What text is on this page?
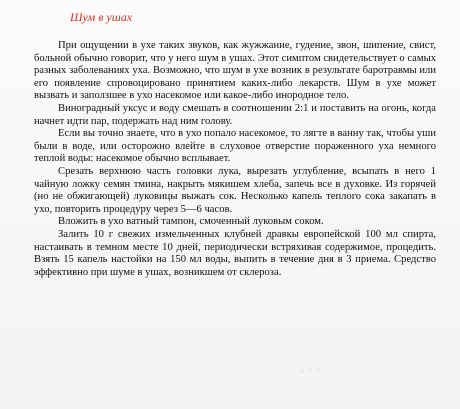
Шум в ушах

При ощущении в ухе таких звуков, как жужжание, гудение, звон, шипение, свист, больной обычно говорит, что у него шум в ушах. Этот симптом свидетельствует о самых разных заболеваниях уха. Возможно, что шум в ухе возник в результате баротравмы или его появление спровоцировано принятием каких-либо лекарств. Шум в ухе может вызвать и заползшее в ухо насекомое или какое-либо инородное тело.

Виноградный уксус и воду смешать в соотношении 2:1 и поставить на огонь, когда начнет идти пар, подержать над ним голову.

Если вы точно знаете, что в ухо попало насекомое, то лягте в ванну так, чтобы уши были в воде, или осторожно влейте в слуховое отверстие пораженного уха немного теплой воды: насекомое обычно всплывает.

Срезать верхнюю часть головки лука, вырезать углубление, всыпать в него 1 чайную ложку семян тмина, накрыть мякишем хлеба, запечь все в духовке. Из горячей (но не обжигающей) луковицы выжать сок. Несколько капель теплого сока закапать в ухо, повторить процедуру через 5—6 часов.

Вложить в ухо ватный тампон, смоченный луковым соком.

Залить 10 г свежих измельченных клубней дравкы европейской 100 мл спирта, настаивать в темном месте 10 дней, периодически встряхивая содержимое, процедить. Взять 15 капель настойки на 150 мл воды, выпить в течение дня в 3 приема. Средство эффективно при шуме в ушах, возникшем от склероза.

◦ ◦ ◦
